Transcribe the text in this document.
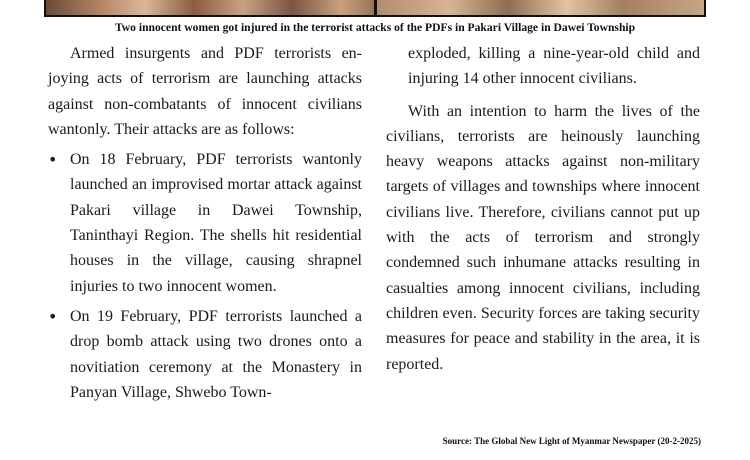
Two innocent women got injured in the terrorist attacks of the PDFs in Pakari Village in Dawei Township

Armed insurgents and PDF terrorists enjoying acts of terrorism are launching attacks against non-combatants of innocent civilians wantonly. Their attacks are as follows:

• On 18 February, PDF terrorists wantonly launched an improvised mortar attack against Pakari village in Dawei Township, Taninthayi Region. The shells hit residential houses in the village, causing shrapnel injuries to two innocent women.
• On 19 February, PDF terrorists launched a drop bomb attack using two drones onto a novitiation ceremony at the Monastery in Panyan Village, Shwebo Town-

exploded, killing a nine-year-old child and injuring 14 other innocent civilians.

With an intention to harm the lives of the civilians, terrorists are heinously launching heavy weapons attacks against non-military targets of villages and townships where innocent civilians live. Therefore, civilians cannot put up with the acts of terrorism and strongly condemned such inhumane attacks resulting in casualties among innocent civilians, including children even. Security forces are taking security measures for peace and stability in the area, it is reported.

Source: The Global New Light of Myanmar Newspaper (20-2-2025)
